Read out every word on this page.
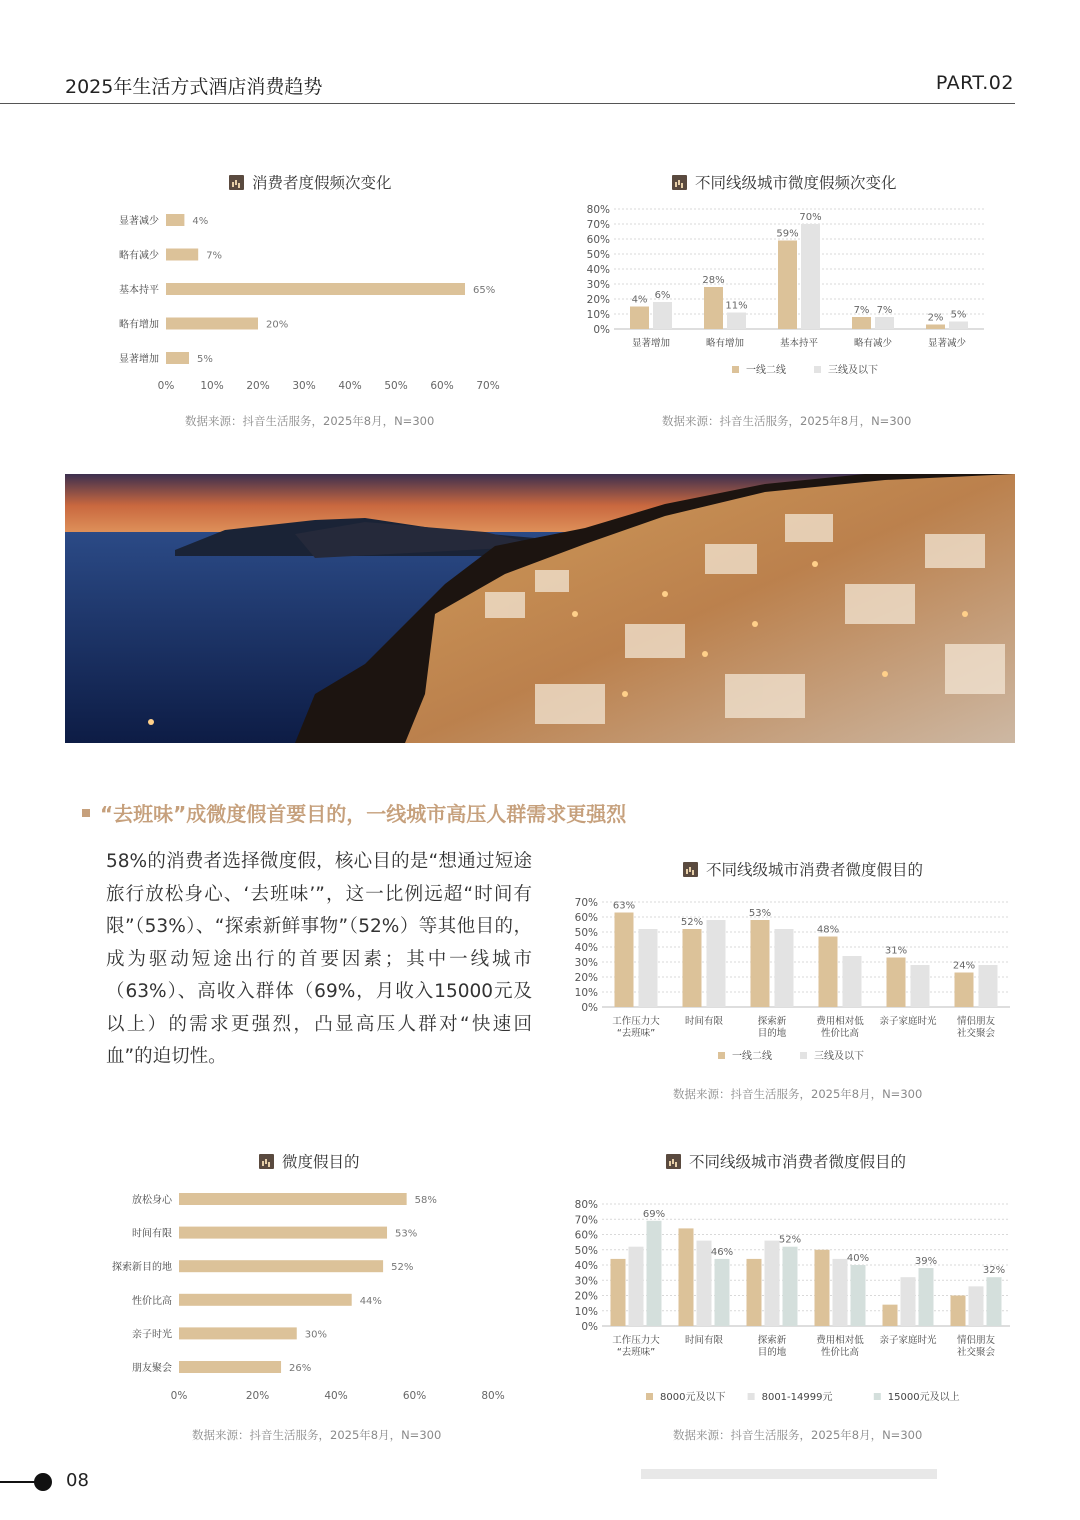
2025年生活方式酒店消费趋势	PART.02
消费者度假频次变化
0% 10% 20% 30% 40% 50% 60% 70%
显著减少	4%
略有减少	7%
基本持平	65%
略有增加	20%
显著增加	5%
数据来源：抖音生活服务，2025年8月，N=300
不同线级城市微度假频次变化
0%
10%
20%
30%
40%
50%
60%
70%
80%
4% 6%
显著增加
28%
11%
略有增加
59%
70%
基本持平
7% 7%
略有减少
2% 5%
显著减少
一线二线	三线及以下
数据来源：抖音生活服务，2025年8月，N=300
“去班味”成微度假首要目的，一线城市高压人群需求更强烈
58%的消费者选择微度假，核心目的是“想通过短途旅行放松身心、‘去班味’”，这一比例远超“时间有限”（53%）、“探索新鲜事物”（52%）等其他目的，成为驱动短途出行的首要因素；其中一线城市（63%）、高收入群体（69%，月收入15000元及以上）的需求更强烈，凸显高压人群对“快速回血”的迫切性。
不同线级城市消费者微度假目的
0%
10%
20%
30%
40%
50%
60%
70% 63%
工作压力大
“去班味”
52%
时间有限
53%
探索新
目的地
48%
费用相对低
性价比高
31%
亲子家庭时光
24%
情侣朋友
社交聚会
一线二线	三线及以下
数据来源：抖音生活服务，2025年8月，N=300
微度假目的
0%	20%	40%	60%	80%
放松身心	58%
时间有限	53%
探索新目的地	52%
性价比高	44%
亲子时光	30%
朋友聚会	26%
数据来源：抖音生活服务，2025年8月，N=300
不同线级城市消费者微度假目的
0%
10%
20%
30%
40%
50%
60%
70%
80%
69%
工作压力大
“去班味”
46%
时间有限
52%
探索新
目的地
40%
费用相对低
性价比高
39%
亲子家庭时光
32%
情侣朋友
社交聚会
8000元及以下	8001-14999元	15000元及以上
数据来源：抖音生活服务，2025年8月，N=300
08
